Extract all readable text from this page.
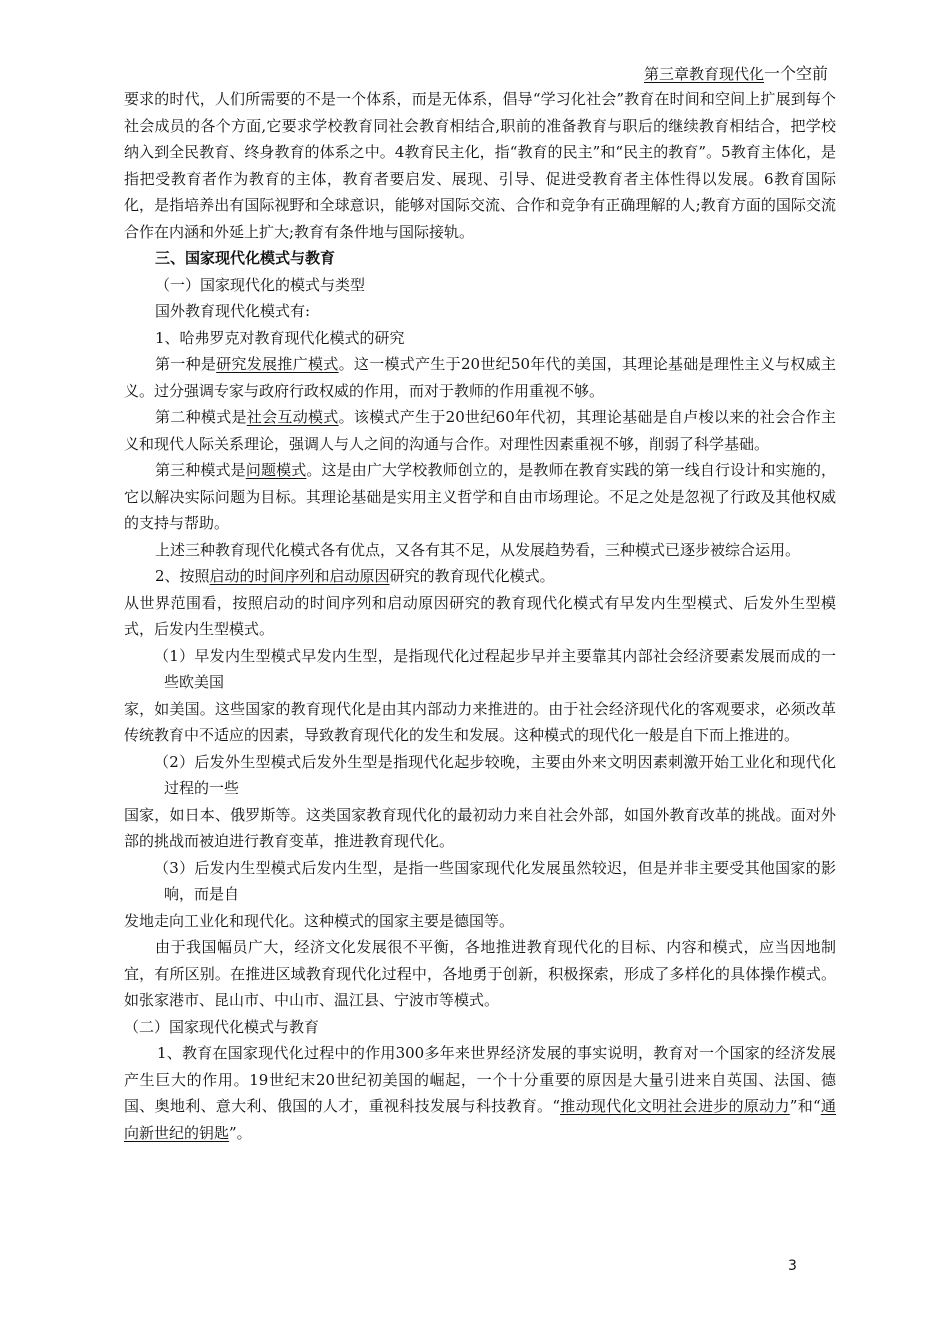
第三章教育现代化一个空前

要求的时代，人们所需要的不是一个体系，而是无体系，倡导“学习化社会”教育在时间和空间上扩展到每个社会成员的各个方面,它要求学校教育同社会教育相结合,职前的准备教育与职后的继续教育相结合，把学校纳入到全民教育、终身教育的体系之中。4教育民主化，指“教育的民主”和“民主的教育”。5教育主体化，是指把受教育者作为教育的主体，教育者要启发、展现、引导、促进受教育者主体性得以发展。6教育国际化，是指培养出有国际视野和全球意识，能够对国际交流、合作和竞争有正确理解的人;教育方面的国际交流合作在内涵和外延上扩大;教育有条件地与国际接轨。

三、国家现代化模式与教育

（一）国家现代化的模式与类型

国外教育现代化模式有:

1、哈弗罗克对教育现代化模式的研究

第一种是研究发展推广模式。这一模式产生于20世纪50年代的美国，其理论基础是理性主义与权威主义。过分强调专家与政府行政权威的作用，而对于教师的作用重视不够。

第二种模式是社会互动模式。该模式产生于20世纪60年代初，其理论基础是自卢梭以来的社会合作主义和现代人际关系理论，强调人与人之间的沟通与合作。对理性因素重视不够，削弱了科学基础。

第三种模式是问题模式。这是由广大学校教师创立的，是教师在教育实践的第一线自行设计和实施的，它以解决实际问题为目标。其理论基础是实用主义哲学和自由市场理论。不足之处是忽视了行政及其他权威的支持与帮助。

上述三种教育现代化模式各有优点，又各有其不足，从发展趋势看，三种模式已逐步被综合运用。

2、按照启动的时间序列和启动原因研究的教育现代化模式。

从世界范围看，按照启动的时间序列和启动原因研究的教育现代化模式有早发内生型模式、后发外生型模式，后发内生型模式。

（1）早发内生型模式早发内生型，是指现代化过程起步早并主要靠其内部社会经济要素发展而成的一些欧美国

家，如美国。这些国家的教育现代化是由其内部动力来推进的。由于社会经济现代化的客观要求，必须改革传统教育中不适应的因素，导致教育现代化的发生和发展。这种模式的现代化一般是自下而上推进的。

（2）后发外生型模式后发外生型是指现代化起步较晚，主要由外来文明因素刺激开始工业化和现代化过程的一些

国家，如日本、俄罗斯等。这类国家教育现代化的最初动力来自社会外部，如国外教育改革的挑战。面对外部的挑战而被迫进行教育变革，推进教育现代化。

（3）后发内生型模式后发内生型，是指一些国家现代化发展虽然较迟，但是并非主要受其他国家的影响，而是自

发地走向工业化和现代化。这种模式的国家主要是德国等。

由于我国幅员广大，经济文化发展很不平衡，各地推进教育现代化的目标、内容和模式，应当因地制宜，有所区别。在推进区域教育现代化过程中，各地勇于创新，积极探索，形成了多样化的具体操作模式。如张家港市、昆山市、中山市、温江县、宁波市等模式。

（二）国家现代化模式与教育

1、教育在国家现代化过程中的作用300多年来世界经济发展的事实说明，教育对一个国家的经济发展产生巨大的作用。19世纪末20世纪初美国的崛起，一个十分重要的原因是大量引进来自英国、法国、德国、奥地利、意大利、俄国的人才，重视科技发展与科技教育。“推动现代化文明社会进步的原动力”和“通向新世纪的钥匙”。

3
